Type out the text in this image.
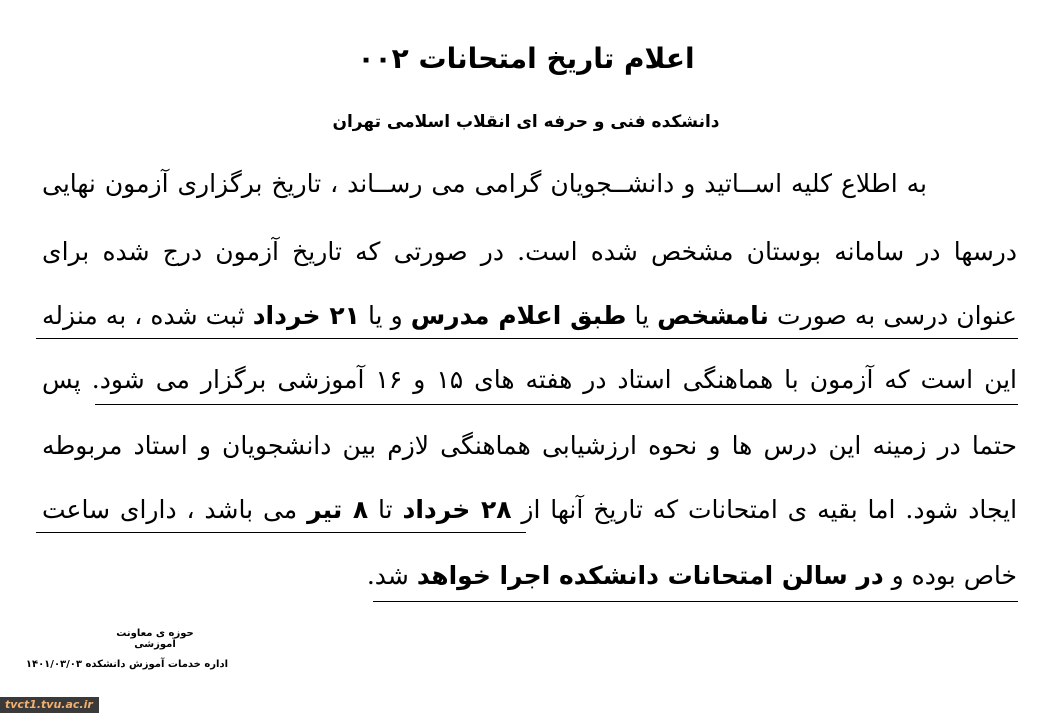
اعلام تاریخ امتحانات ۰۰۲
دانشکده فنی و حرفه ای انقلاب اسلامی تهران
به اطلاع کلیه اســاتید و دانشــجویان گرامی می رســاند ، تاریخ برگزاری آزمون نهایی
درسها در سامانه بوستان مشخص شده است. در صورتی که تاریخ آزمون درج شده برای
عنوان درسی به صورت نامشخص یا طبق اعلام مدرس و یا ۲۱ خرداد ثبت شده ، به منزله
این است که آزمون با هماهنگی استاد در هفته های ۱۵ و ۱۶ آموزشی برگزار می شود. پس
حتما در زمینه این درس ها و نحوه ارزشیابی هماهنگی لازم بین دانشجویان و استاد مربوطه
ایجاد شود. اما بقیه ی امتحانات که تاریخ آنها از ۲۸ خرداد تا ۸ تیر می باشد ، دارای ساعت
خاص بوده و در سالن امتحانات دانشکده اجرا خواهد شد.
حوزه ی معاونت آموزشی
اداره خدمات آموزش دانشکده ۱۴۰۱/۰۳/۰۳
tvct1.tvu.ac.ir
